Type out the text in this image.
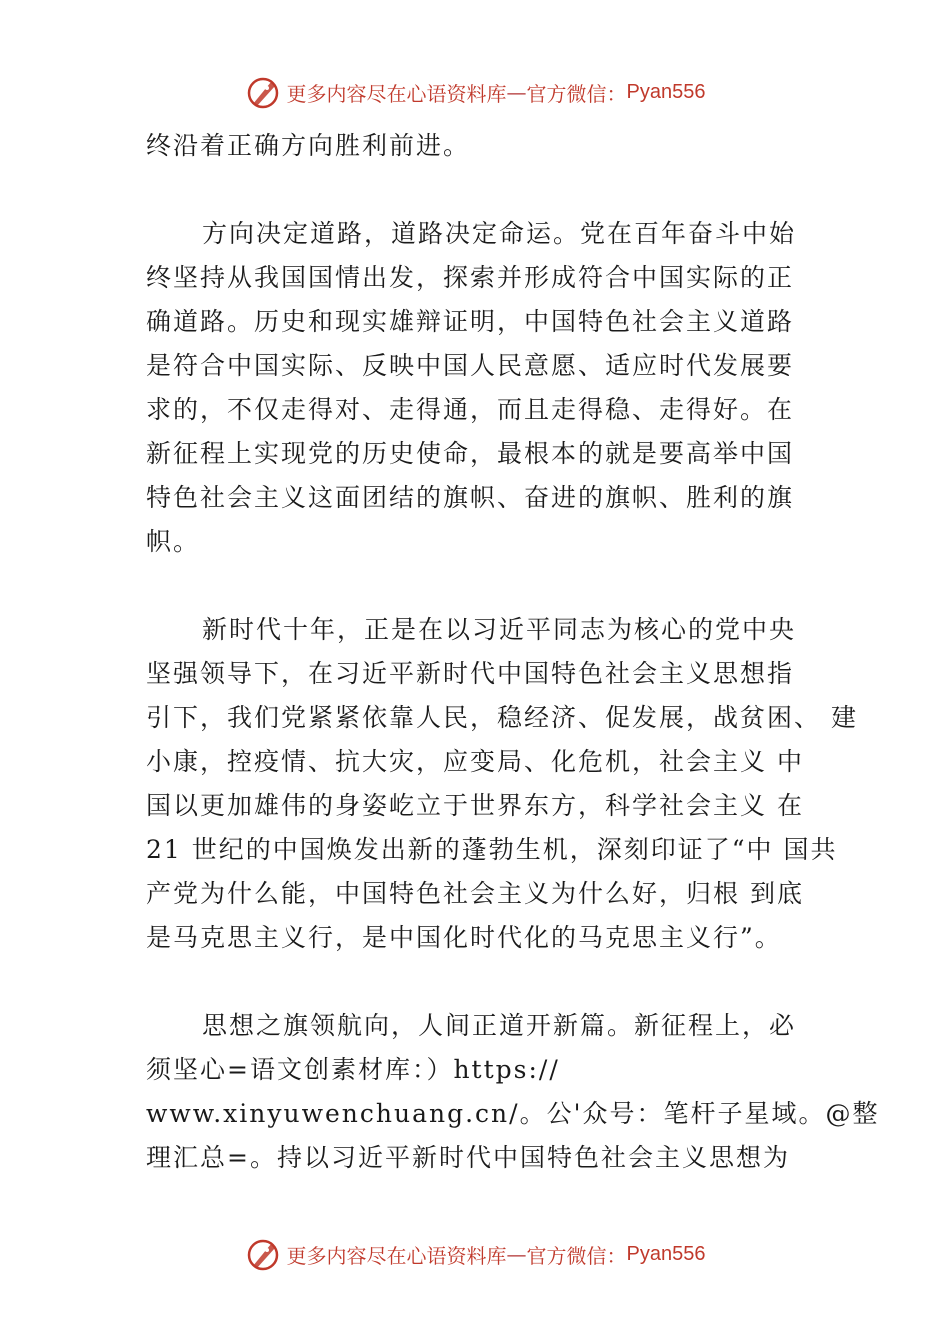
更多内容尽在心语资料库 — 官方微信： Pyan556
终沿着正确方向胜利前进。
方向决定道路，道路决定命运。党在百年奋斗中始
终坚持从我国国情出发，探索并形成符合中国实际的正
确道路。历史和现实雄辩证明，中国特色社会主义道路
是符合中国实际、反映中国人民意愿、适应时代发展要
求的，不仅走得对、走得通，而且走得稳、走得好。在
新征程上实现党的历史使命，最根本的就是要高举中国
特色社会主义这面团结的旗帜、奋进的旗帜、胜利的旗
帜。
新时代十年，正是在以习近平同志为核心的党中央
坚强领导下，在习近平新时代中国特色社会主义思想指
引下，我们党紧紧依靠人民，稳经济、促发展，战贫困、 建
小康，控疫情、抗大灾，应变局、化危机，社会主义 中
国以更加雄伟的身姿屹立于世界东方，科学社会主义 在
21 世纪的中国焕发出新的蓬勃生机，深刻印证了“中 国共
产党为什么能，中国特色社会主义为什么好，归根 到底
是马克思主义行，是中国化时代化的马克思主义行”。
思想之旗领航向，人间正道开新篇。新征程上，必
须坚心=语文创素材库：）https://
www.xinyuwenchuang.cn/。公'众号：笔杆子星域。@整
理汇总=。持以习近平新时代中国特色社会主义思想为
更多内容尽在心语资料库 — 官方微信： Pyan556
